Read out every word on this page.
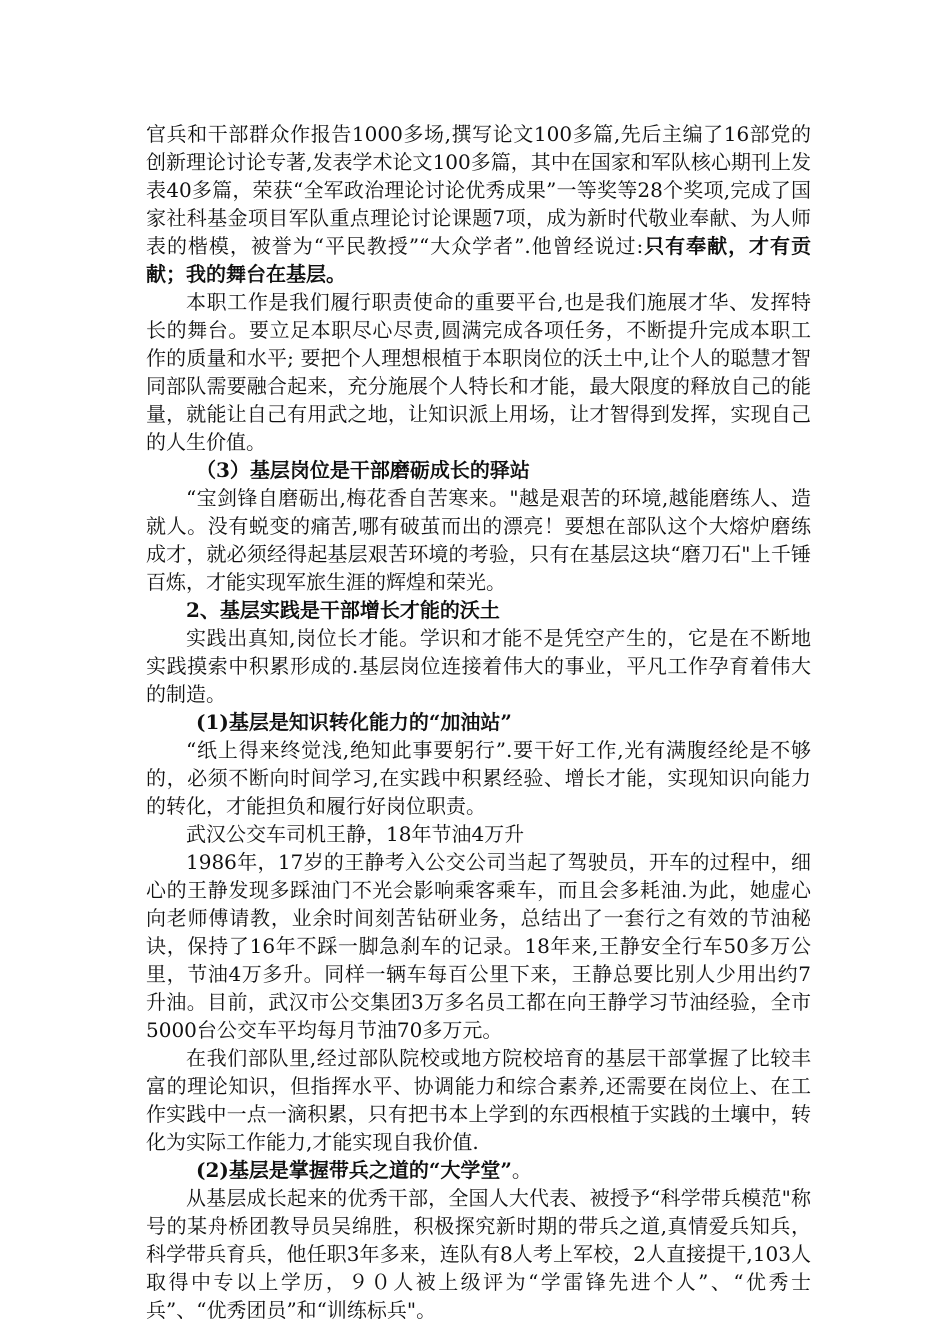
官兵和干部群众作报告1000多场,撰写论文100多篇,先后主编了16部党的创新理论讨论专著,发表学术论文100多篇，其中在国家和军队核心期刊上发表40多篇，荣获“全军政治理论讨论优秀成果”一等奖等28个奖项,完成了国家社科基金项目军队重点理论讨论课题7项，成为新时代敬业奉献、为人师表的楷模，被誉为“平民教授”“大众学者”.他曾经说过:只有奉献，才有贡献；我的舞台在基层。

本职工作是我们履行职责使命的重要平台,也是我们施展才华、发挥特长的舞台。要立足本职尽心尽责,圆满完成各项任务，不断提升完成本职工作的质量和水平; 要把个人理想根植于本职岗位的沃土中,让个人的聪慧才智同部队需要融合起来，充分施展个人特长和才能，最大限度的释放自己的能量，就能让自己有用武之地，让知识派上用场，让才智得到发挥，实现自己的人生价值。

（3）基层岗位是干部磨砺成长的驿站

“宝剑锋自磨砺出,梅花香自苦寒来。"越是艰苦的环境,越能磨练人、造就人。没有蜕变的痛苦,哪有破茧而出的漂亮！要想在部队这个大熔炉磨练成才，就必须经得起基层艰苦环境的考验，只有在基层这块“磨刀石"上千锤百炼，才能实现军旅生涯的辉煌和荣光。

2、基层实践是干部增长才能的沃土

实践出真知,岗位长才能。学识和才能不是凭空产生的，它是在不断地实践摸索中积累形成的.基层岗位连接着伟大的事业，平凡工作孕育着伟大的制造。

(1)基层是知识转化能力的“加油站”

“纸上得来终觉浅,绝知此事要躬行”.要干好工作,光有满腹经纶是不够的，必须不断向时间学习,在实践中积累经验、增长才能，实现知识向能力的转化，才能担负和履行好岗位职责。

武汉公交车司机王静，18年节油4万升

1986年，17岁的王静考入公交公司当起了驾驶员，开车的过程中，细心的王静发现多踩油门不光会影响乘客乘车，而且会多耗油.为此，她虚心向老师傅请教，业余时间刻苦钻研业务，总结出了一套行之有效的节油秘诀，保持了16年不踩一脚急刹车的记录。18年来,王静安全行车50多万公里，节油4万多升。同样一辆车每百公里下来，王静总要比别人少用出约7升油。目前，武汉市公交集团3万多名员工都在向王静学习节油经验，全市5000台公交车平均每月节油70多万元。

在我们部队里,经过部队院校或地方院校培育的基层干部掌握了比较丰富的理论知识，但指挥水平、协调能力和综合素养,还需要在岗位上、在工作实践中一点一滴积累，只有把书本上学到的东西根植于实践的土壤中，转化为实际工作能力,才能实现自我价值.

(2)基层是掌握带兵之道的“大学堂”。

从基层成长起来的优秀干部，全国人大代表、被授予“科学带兵模范"称号的某舟桥团教导员吴绵胜，积极探究新时期的带兵之道,真情爱兵知兵，科学带兵育兵，他任职3年多来，连队有8人考上军校，2人直接提干,103人取得中专以上学历，９０人被上级评为“学雷锋先进个人”、“优秀士兵”、“优秀团员”和“训练标兵"。
